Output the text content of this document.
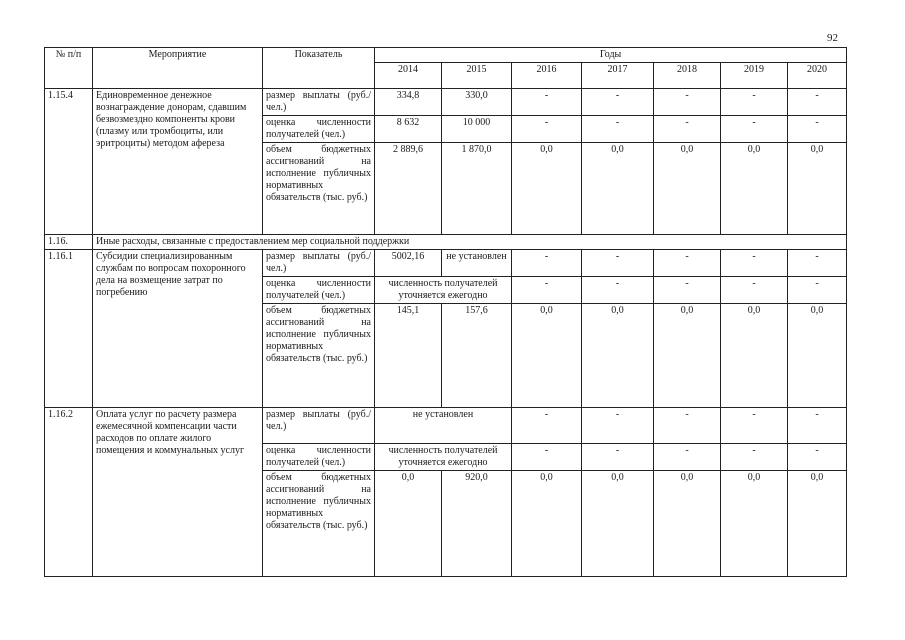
92
№ п/п	Мероприятие	Показатель	Годы						
			2014	2015	2016	2017	2018	2019	2020
1.15.4	Единовременное денежное вознаграждение донорам, сдавшим безвозмездно компоненты крови (плазму или тромбоциты, или эритроциты) методом афереза	размер выплаты (руб./ чел.)	334,8	330,0	-	-	-	-	-
		оценка численности получателей (чел.)	8 632	10 000	-	-	-	-	-
		объем бюджетных ассигнований на исполнение публичных нормативных обязательств (тыс. руб.)	2 889,6	1 870,0	0,0	0,0	0,0	0,0	0,0
1.16.	Иные расходы, связанные с предоставлением мер социальной поддержки								
1.16.1	Субсидии специализированным службам по вопросам похоронного дела на возмещение затрат по погребению	размер выплаты (руб./ чел.)	5002,16	не установлен	-	-	-	-	-
		оценка численности получателей (чел.)	численность получателей уточняется ежегодно		-	-	-	-	-
		объем бюджетных ассигнований на исполнение публичных нормативных обязательств (тыс. руб.)	145,1	157,6	0,0	0,0	0,0	0,0	0,0
1.16.2	Оплата услуг по расчету размера ежемесячной компенсации части расходов по оплате жилого помещения и коммунальных услуг	размер выплаты (руб./ чел.)	не установлен		-	-	-	-	-
		оценка численности получателей (чел.)	численность получателей уточняется ежегодно		-	-	-	-	-
		объем бюджетных ассигнований на исполнение публичных нормативных обязательств (тыс. руб.)	0,0	920,0	0,0	0,0	0,0	0,0	0,0
